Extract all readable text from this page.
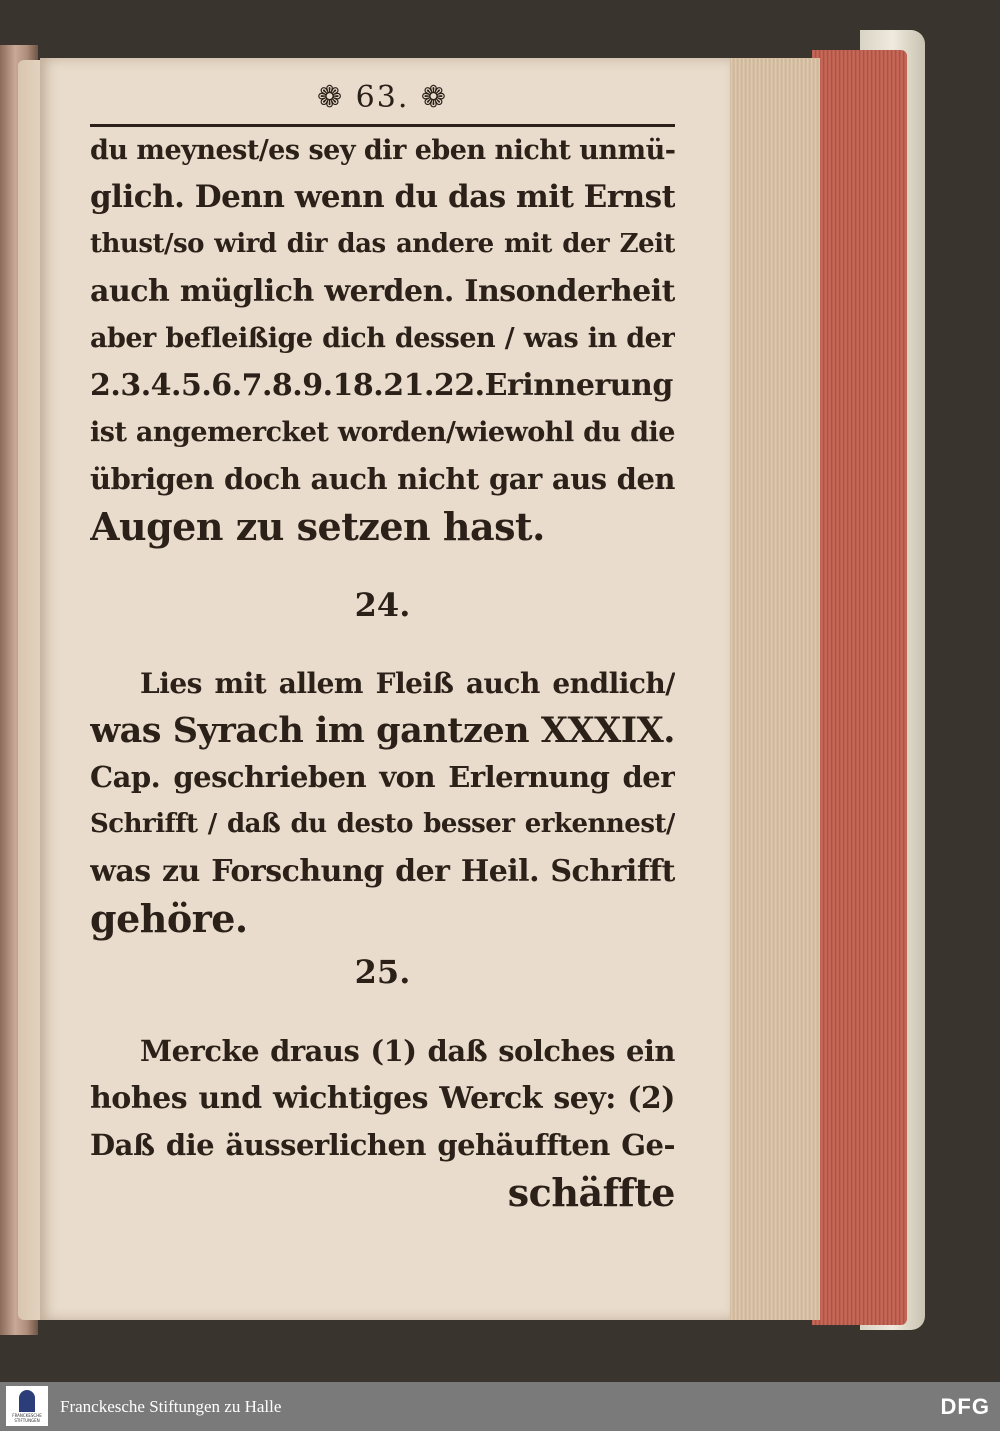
❁ 63. ❁
du meynest/es sey dir eben nicht unmü-
glich. Denn wenn du das mit Ernst
thust/so wird dir das andere mit der Zeit
auch müglich werden. Insonderheit
aber befleißige dich dessen / was in der
2.3.4.5.6.7.8.9.18.21.22.Erinnerung
ist angemercket worden/wiewohl du die
übrigen doch auch nicht gar aus den
Augen zu setzen hast.
24.
Lies mit allem Fleiß auch endlich/
was Syrach im gantzen XXXIX.
Cap. geschrieben von Erlernung der
Schrifft / daß du desto besser erkennest/
was zu Forschung der Heil. Schrifft
gehöre.
25.
Mercke draus (1) daß solches ein
hohes und wichtiges Werck sey: (2)
Daß die äusserlichen gehäufften Ge-
schäffte
FRANCKESCHE STIFTUNGEN
Franckesche Stiftungen zu Halle	DFG
